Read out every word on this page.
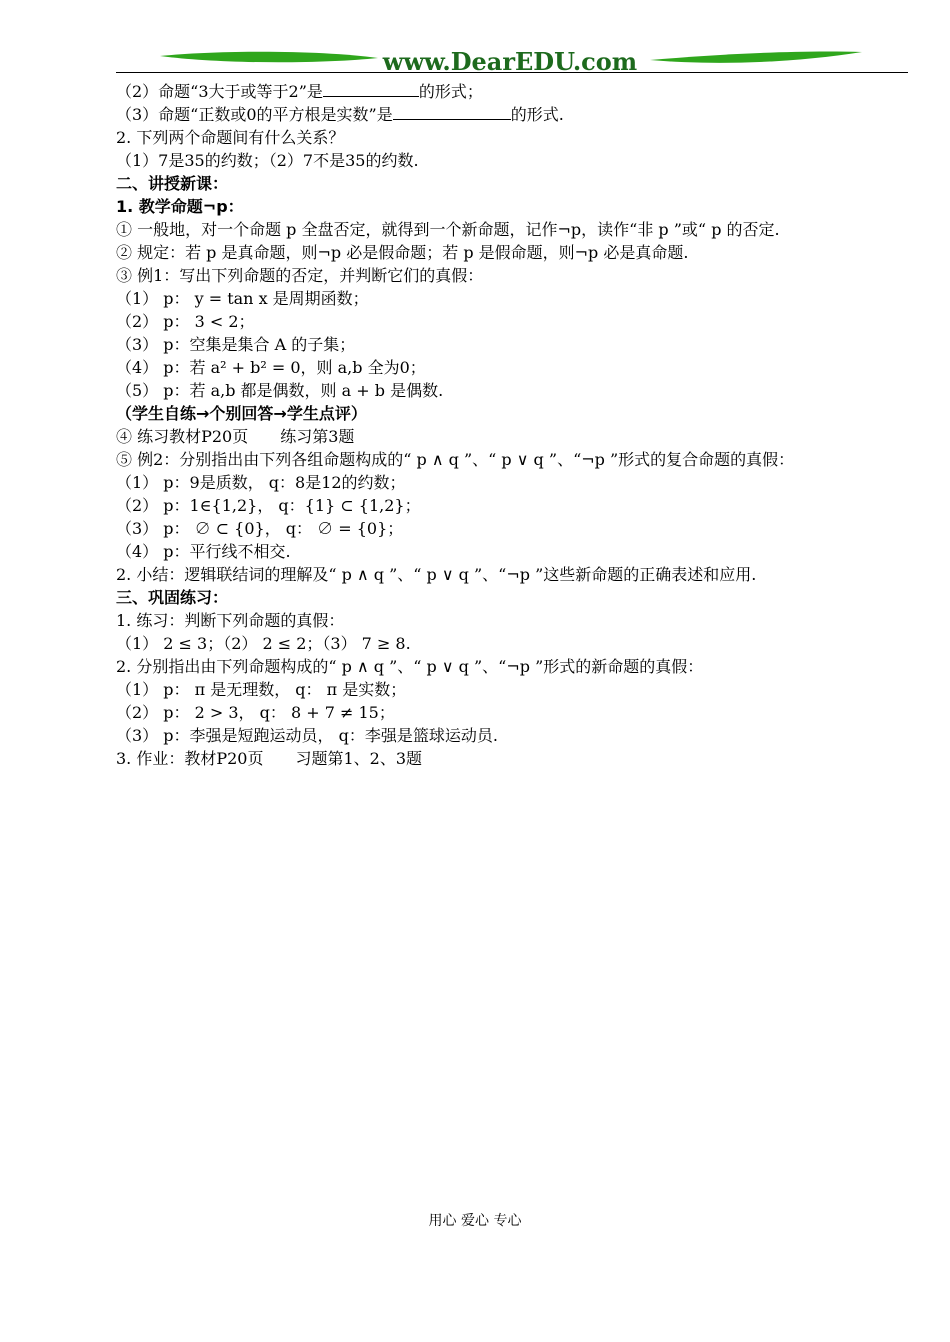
www.DearEDU.com
（2）命题“3大于或等于2”是	的形式；
（3）命题“正数或0的平方根是实数”是	的形式.
2. 下列两个命题间有什么关系？
（1）7是35的约数；（2）7不是35的约数.
二、讲授新课：
1. 教学命题¬p：
① 一般地，对一个命题 p 全盘否定，就得到一个新命题，记作¬p，读作“非 p ”或“ p 的否定.
② 规定：若 p 是真命题，则¬p 必是假命题；若 p 是假命题，则¬p 必是真命题.
③ 例1：写出下列命题的否定，并判断它们的真假：
（1） p： y = tan x 是周期函数；
（2） p： 3 < 2；
（3） p：空集是集合 A 的子集；
（4） p：若 a² + b² = 0，则 a,b 全为0；
（5） p：若 a,b 都是偶数，则 a + b 是偶数.
（学生自练→个别回答→学生点评）
④ 练习教材P20页　　练习第3题
⑤ 例2：分别指出由下列各组命题构成的“ p ∧ q ”、“ p ∨ q ”、“¬p ”形式的复合命题的真假：
（1） p：9是质数， q：8是12的约数；
（2） p：1∈{1,2}， q：{1} ⊂ {1,2}；
（3） p： ∅ ⊂ {0}， q： ∅ = {0}；
（4） p：平行线不相交.
2. 小结：逻辑联结词的理解及“ p ∧ q ”、“ p ∨ q ”、“¬p ”这些新命题的正确表述和应用.
三、巩固练习：
1. 练习：判断下列命题的真假：
（1） 2 ≤ 3；（2） 2 ≤ 2；（3） 7 ≥ 8.
2. 分别指出由下列命题构成的“ p ∧ q ”、“ p ∨ q ”、“¬p ”形式的新命题的真假：
（1） p： π 是无理数， q： π 是实数；
（2） p： 2 > 3， q： 8 + 7 ≠ 15；
（3） p：李强是短跑运动员， q：李强是篮球运动员.
3. 作业：教材P20页　　习题第1、2、3题
用心 爱心 专心
